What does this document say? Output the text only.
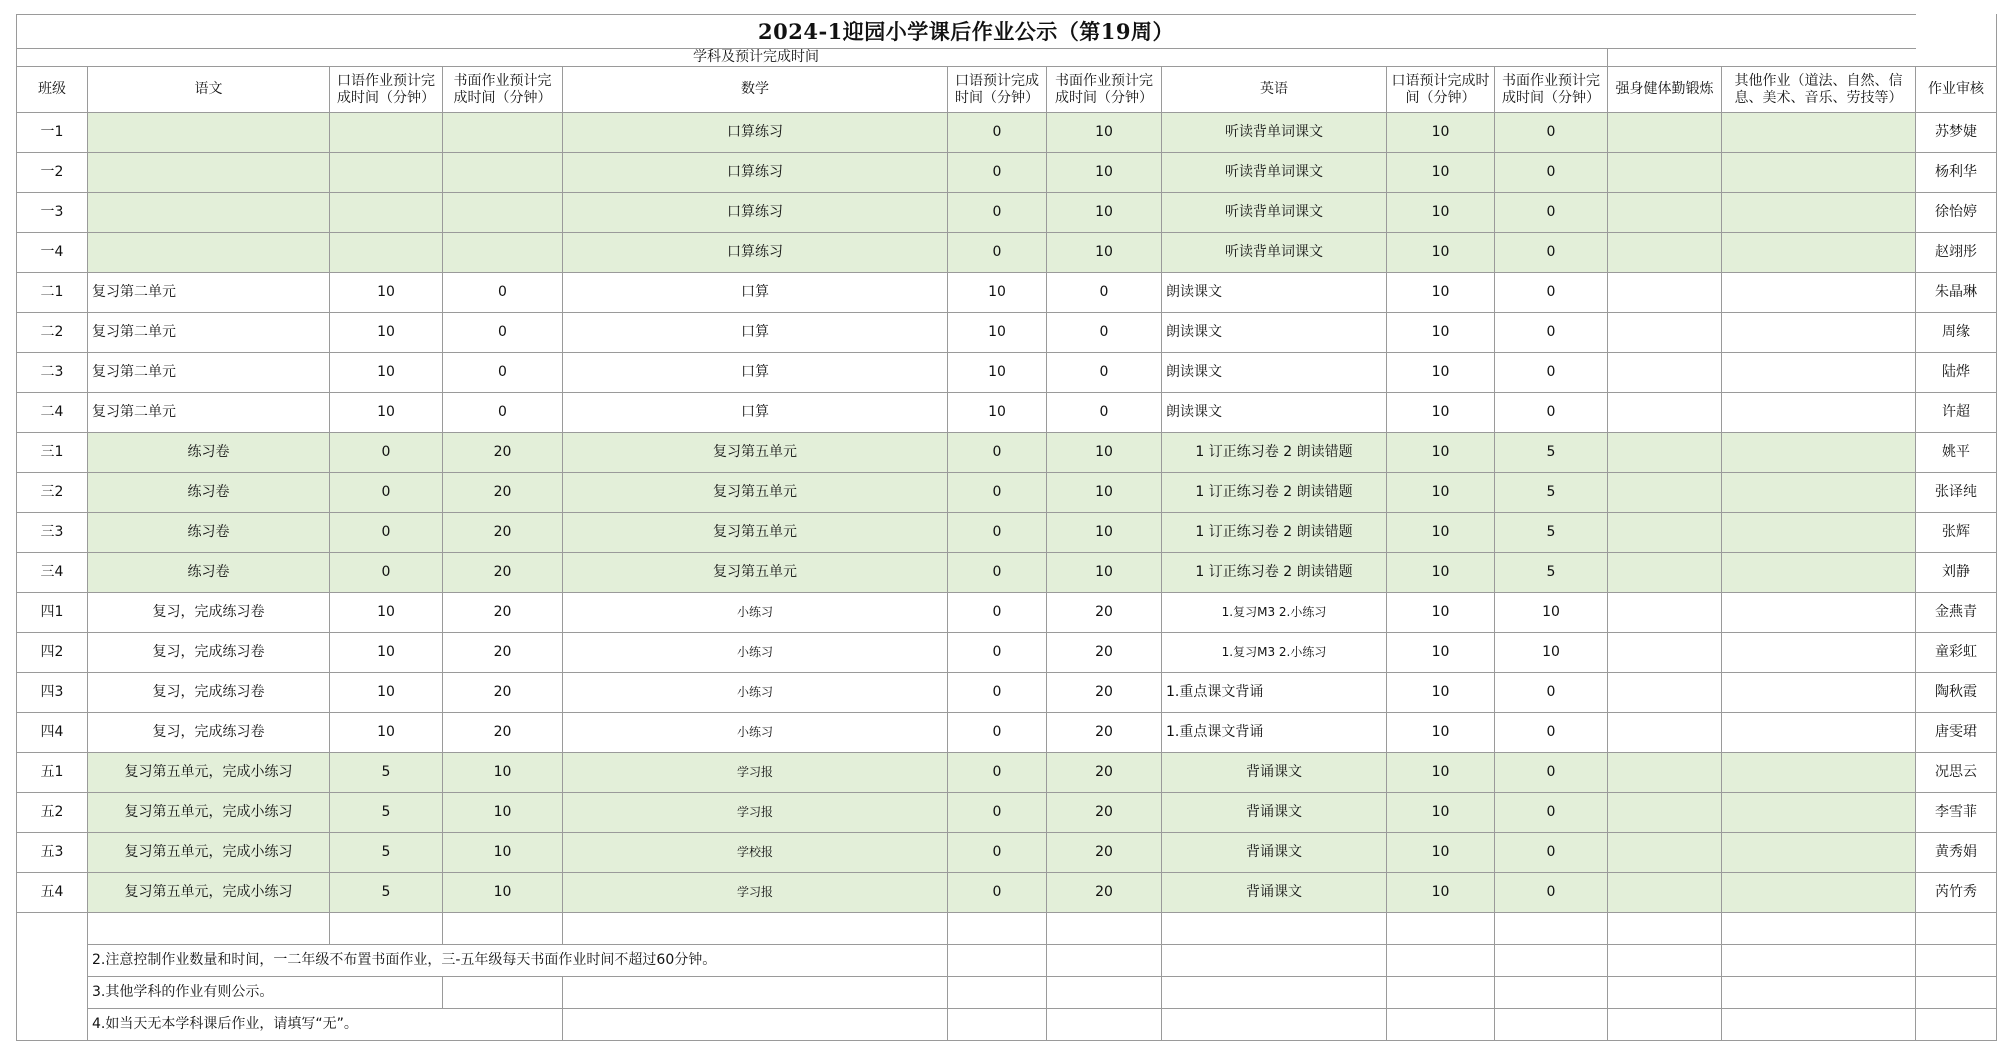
2024-1迎园小学课后作业公示（第19周）												
学科及预计完成时间												
班级	语文	口语作业预计完成时间（分钟）	书面作业预计完成时间（分钟）	数学	口语预计完成时间（分钟）	书面作业预计完成时间（分钟）	英语	口语预计完成时间（分钟）	书面作业预计完成时间（分钟）	强身健体勤锻炼	其他作业（道法、自然、信息、美术、音乐、劳技等）	作业审核
一1				口算练习	0	10	听读背单词课文	10	0			苏梦婕
一2				口算练习	0	10	听读背单词课文	10	0			杨利华
一3				口算练习	0	10	听读背单词课文	10	0			徐怡婷
一4				口算练习	0	10	听读背单词课文	10	0			赵翊彤
二1	复习第二单元	10	0	口算	10	0	朗读课文	10	0			朱晶琳
二2	复习第二单元	10	0	口算	10	0	朗读课文	10	0			周缘
二3	复习第二单元	10	0	口算	10	0	朗读课文	10	0			陆烨
二4	复习第二单元	10	0	口算	10	0	朗读课文	10	0			许超
三1	练习卷	0	20	复习第五单元	0	10	1 订正练习卷 2 朗读错题	10	5			姚平
三2	练习卷	0	20	复习第五单元	0	10	1 订正练习卷 2 朗读错题	10	5			张译纯
三3	练习卷	0	20	复习第五单元	0	10	1 订正练习卷 2 朗读错题	10	5			张辉
三4	练习卷	0	20	复习第五单元	0	10	1 订正练习卷 2 朗读错题	10	5			刘静
四1	复习，完成练习卷	10	20	小练习	0	20	1.复习M3 2.小练习	10	10			金燕青
四2	复习，完成练习卷	10	20	小练习	0	20	1.复习M3 2.小练习	10	10			童彩虹
四3	复习，完成练习卷	10	20	小练习	0	20	1.重点课文背诵	10	0			陶秋霞
四4	复习，完成练习卷	10	20	小练习	0	20	1.重点课文背诵	10	0			唐雯珺
五1	复习第五单元，完成小练习	5	10	学习报	0	20	背诵课文	10	0			况思云
五2	复习第五单元，完成小练习	5	10	学习报	0	20	背诵课文	10	0			李雪菲
五3	复习第五单元，完成小练习	5	10	学校报	0	20	背诵课文	10	0			黄秀娟
五4	复习第五单元，完成小练习	5	10	学习报	0	20	背诵课文	10	0			芮竹秀

	2.注意控制作业数量和时间，一二年级不布置书面作业，三-五年级每天书面作业时间不超过60分钟。											
	3.其他学科的作业有则公示。											
	4.如当天无本学科课后作业，请填写“无”。											
